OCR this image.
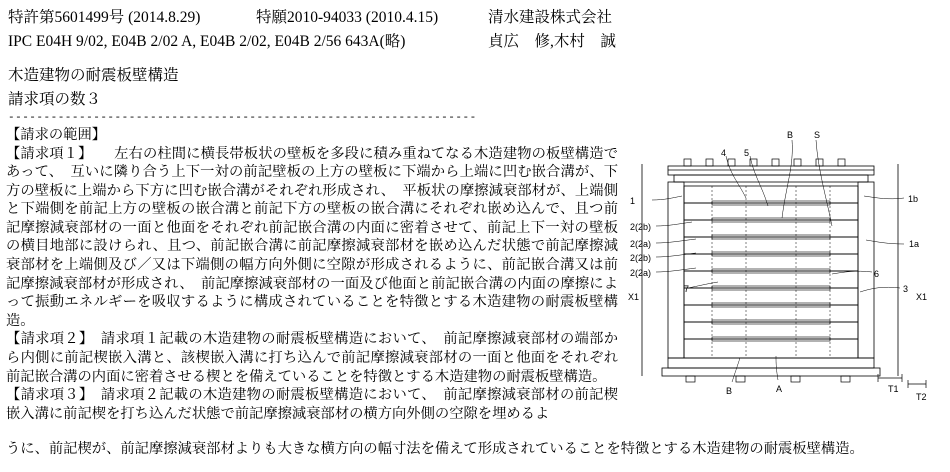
特許第5601499号 (2014.8.29)	特願2010-94033 (2010.4.15)	清水建設株式会社
IPC E04H 9/02, E04B 2/02 A, E04B 2/02, E04B 2/56 643A(略)	貞広　修,木村　誠
木造建物の耐震板壁構造
請求項の数３
------------------------------------------------------------------

【請求の範囲】

【請求項１】　　左右の柱間に横長帯板状の壁板を多段に積み重ねてなる木造建物の板壁構造であって、　互いに隣り合う上下一対の前記壁板の上方の壁板に下端から上端に凹む嵌合溝が、下方の壁板に上端から下方に凹む嵌合溝がそれぞれ形成され、　平板状の摩擦減衰部材が、上端側と下端側を前記上方の壁板の嵌合溝と前記下方の壁板の嵌合溝にそれぞれ嵌め込んで、且つ前記摩擦減衰部材の一面と他面をそれぞれ前記嵌合溝の内面に密着させて、前記上下一対の壁板の横目地部に設けられ、且つ、前記嵌合溝に前記摩擦減衰部材を嵌め込んだ状態で前記摩擦減衰部材を上端側及び／又は下端側の幅方向外側に空隙が形成されるように、前記嵌合溝又は前記摩擦減衰部材が形成され、　前記摩擦減衰部材の一面及び他面と前記嵌合溝の内面の摩擦によって振動エネルギーを吸収するように構成されていることを特徴とする木造建物の耐震板壁構造。

【請求項２】　請求項１記載の木造建物の耐震板壁構造において、　前記摩擦減衰部材の端部から内側に前記楔嵌入溝と、該楔嵌入溝に打ち込んで前記摩擦減衰部材の一面と他面をそれぞれ前記嵌合溝の内面に密着させる楔とを備えていることを特徴とする木造建物の耐震板壁構造。

【請求項３】　請求項２記載の木造建物の耐震板壁構造において、　前記摩擦減衰部材の前記楔嵌入溝に前記楔を打ち込んだ状態で前記摩擦減衰部材の横方向外側の空隙を埋めるよ

うに、前記楔が、前記摩擦減衰部材よりも大きな横方向の幅寸法を備えて形成されていることを特徴とする木造建物の耐震板壁構造。
B S
4 5
1b
1
2(2b)
2(2a)	1a
2(2b)
2(2a)	6
3
7
X1	X1
B	A	T1
T2
